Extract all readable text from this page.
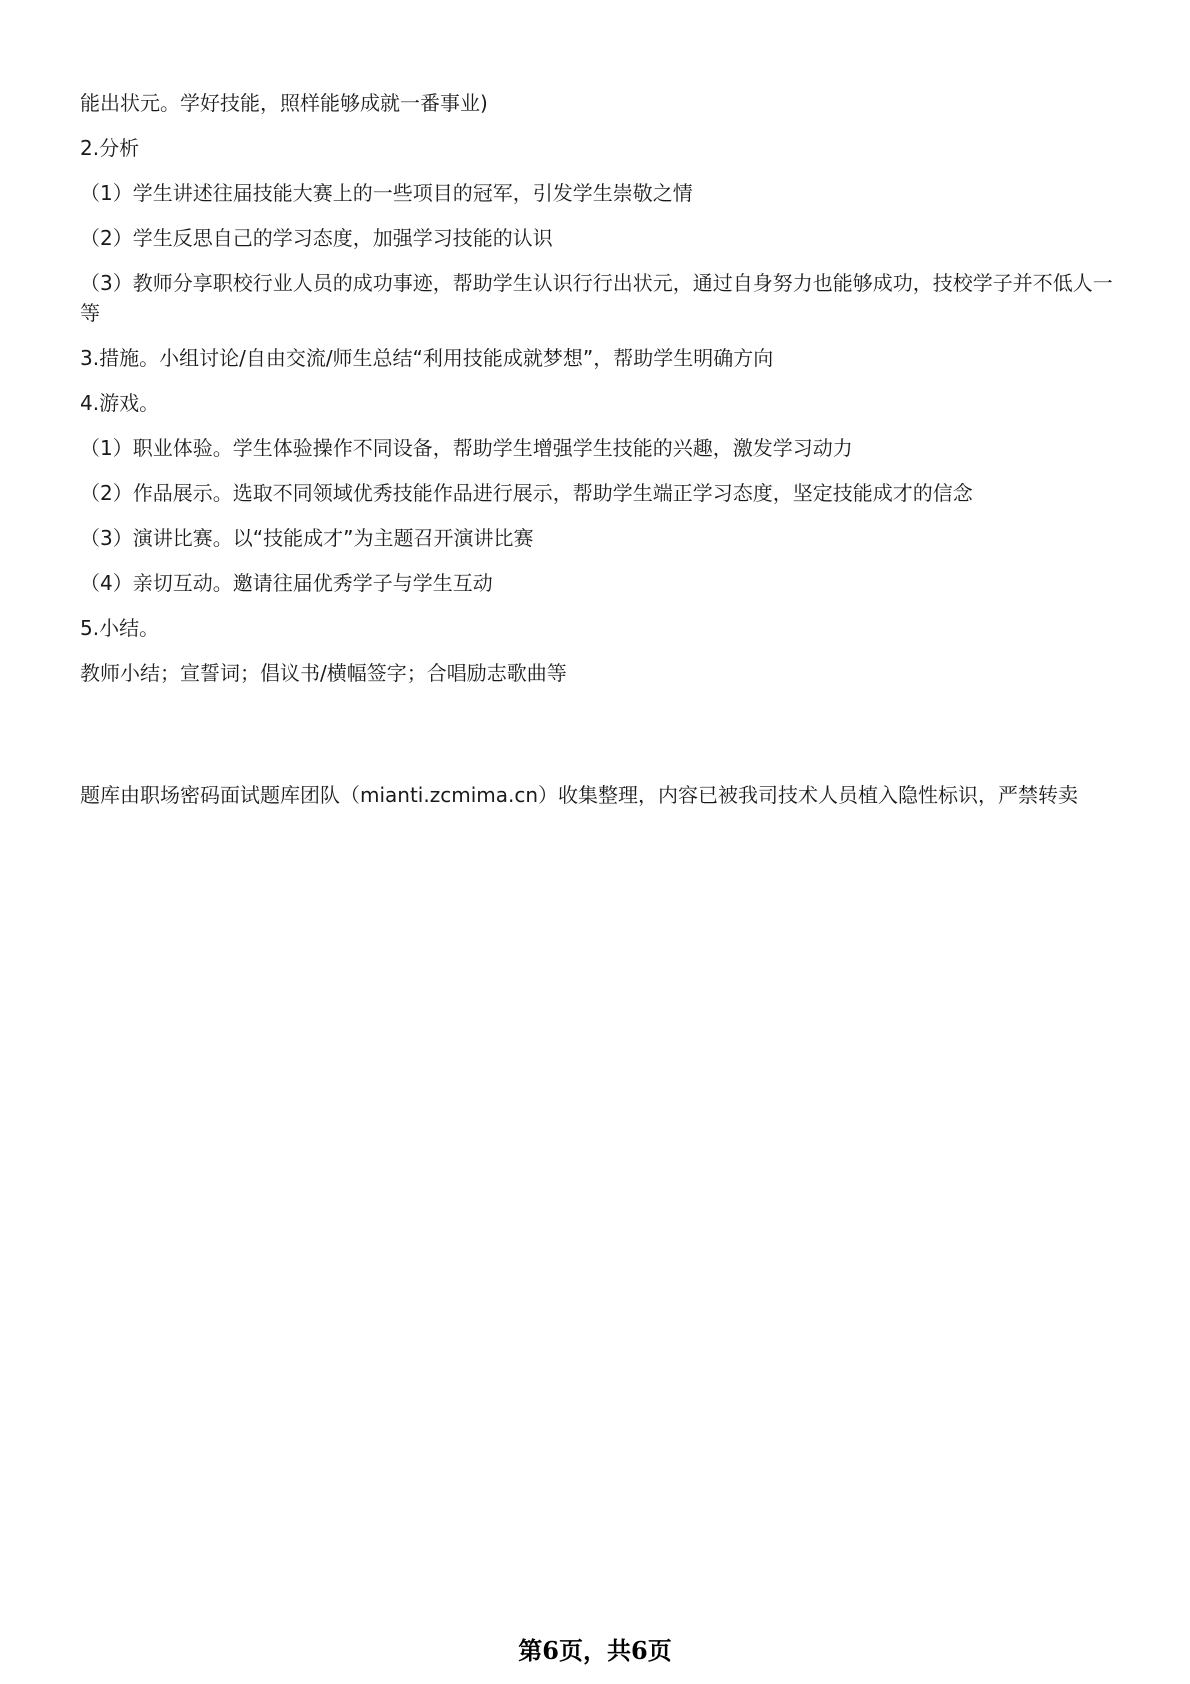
能出状元。学好技能，照样能够成就一番事业)

2.分析

（1）学生讲述往届技能大赛上的一些项目的冠军，引发学生崇敬之情

（2）学生反思自己的学习态度，加强学习技能的认识

（3）教师分享职校行业人员的成功事迹，帮助学生认识行行出状元，通过自身努力也能够成功，技校学子并不低人一等

3.措施。小组讨论/自由交流/师生总结“利用技能成就梦想”，帮助学生明确方向

4.游戏。

（1）职业体验。学生体验操作不同设备，帮助学生增强学生技能的兴趣，激发学习动力

（2）作品展示。选取不同领域优秀技能作品进行展示，帮助学生端正学习态度，坚定技能成才的信念

（3）演讲比赛。以“技能成才”为主题召开演讲比赛

（4）亲切互动。邀请往届优秀学子与学生互动

5.小结。

教师小结；宣誓词；倡议书/横幅签字；合唱励志歌曲等

题库由职场密码面试题库团队（mianti.zcmima.cn）收集整理，内容已被我司技术人员植入隐性标识，严禁转卖
第6页，共6页
